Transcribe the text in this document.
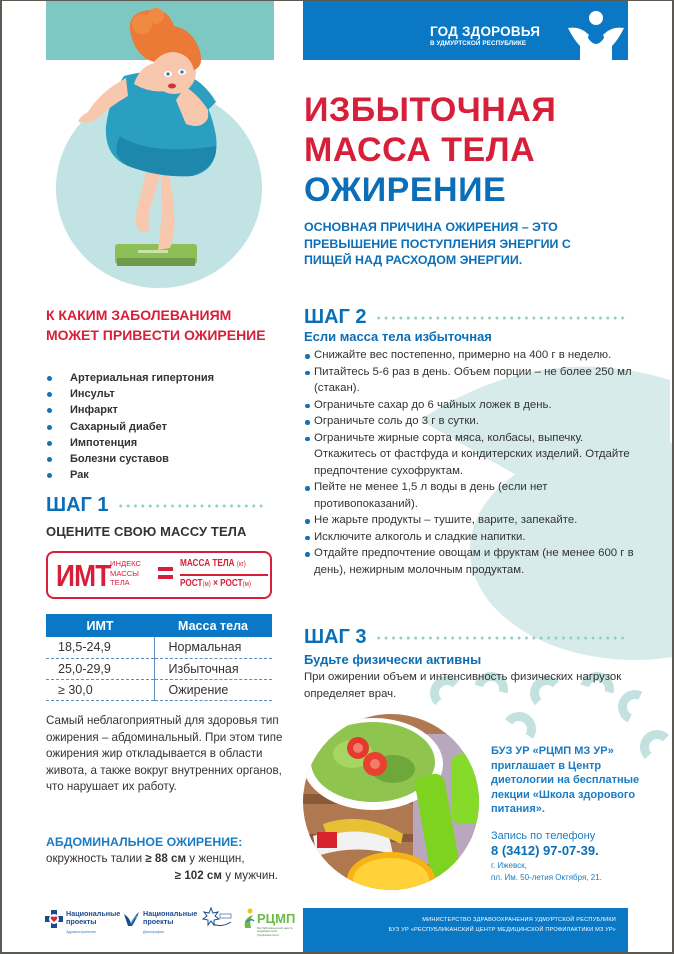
ГОД ЗДОРОВЬЯ
В УДМУРТСКОЙ РЕСПУБЛИКЕ
ИЗБЫТОЧНАЯ
МАССА ТЕЛА
ОЖИРЕНИЕ
ОСНОВНАЯ ПРИЧИНА ОЖИРЕНИЯ – ЭТО ПРЕВЫШЕНИЕ ПОСТУПЛЕНИЯ ЭНЕРГИИ С ПИЩЕЙ НАД РАСХОДОМ ЭНЕРГИИ.
К КАКИМ ЗАБОЛЕВАНИЯМ МОЖЕТ ПРИВЕСТИ ОЖИРЕНИЕ
Артериальная гипертония
Инсульт
Инфаркт
Сахарный диабет
Импотенция
Болезни суставов
Рак
ШАГ 1
ОЦЕНИТЕ СВОЮ МАССУ ТЕЛА
ИМТ ИНДЕКС
МАССЫ
ТЕЛА
МАССА ТЕЛА (кг)
РОСТ(м) × РОСТ(м)
ИМТ	Масса тела
18,5-24,9	Нормальная
25,0-29,9	Избыточная
≥ 30,0	Ожирение
Самый неблагоприятный для здоровья тип ожирения – абдоминальный. При этом типе ожирения жир откладывается в области живота, а также вокруг внутренних органов, что нарушает их работу.
АБДОМИНАЛЬНОЕ ОЖИРЕНИЕ:
окружность талии ≥ 88 см у женщин,
≥ 102 см у мужчин.
ШАГ 2
Если масса тела избыточная
Снижайте вес постепенно, примерно на 400 г в неделю.
Питайтесь 5-6 раз в день. Объем порции – не более 250 мл (стакан).
Ограничьте сахар до 6 чайных ложек в день.
Ограничьте соль до 3 г в сутки.
Ограничьте жирные сорта мяса, колбасы, выпечку. Откажитесь от фастфуда и кондитерских изделий. Отдайте предпочтение сухофруктам.
Пейте не менее 1,5 л воды в день (если нет противопоказаний).
Не жарьте продукты – тушите, варите, запекайте.
Исключите алкоголь и сладкие напитки.
Отдайте предпочтение овощам и фруктам (не менее 600 г в день), нежирным молочным продуктам.
ШАГ 3
Будьте физически активны
При ожирении объем и интенсивность физических нагрузок определяет врач.
БУЗ УР «РЦМП МЗ УР» приглашает в Центр диетологии на бесплатные лекции «Школа здорового питания».
Запись по телефону
8 (3412) 97-07-39.
г. Ижевск,
пл. Им. 50-летия Октября, 21.
Национальные проекты
Здравоохранение
Национальные проекты
Демография
РЦМП
Республиканский центр медицинской профилактики
МИНИСТЕРСТВО ЗДРАВООХРАНЕНИЯ УДМУРТСКОЙ РЕСПУБЛИКИ
БУЗ УР «РЕСПУБЛИКАНСКИЙ ЦЕНТР МЕДИЦИНСКОЙ ПРОФИЛАКТИКИ МЗ УР»
